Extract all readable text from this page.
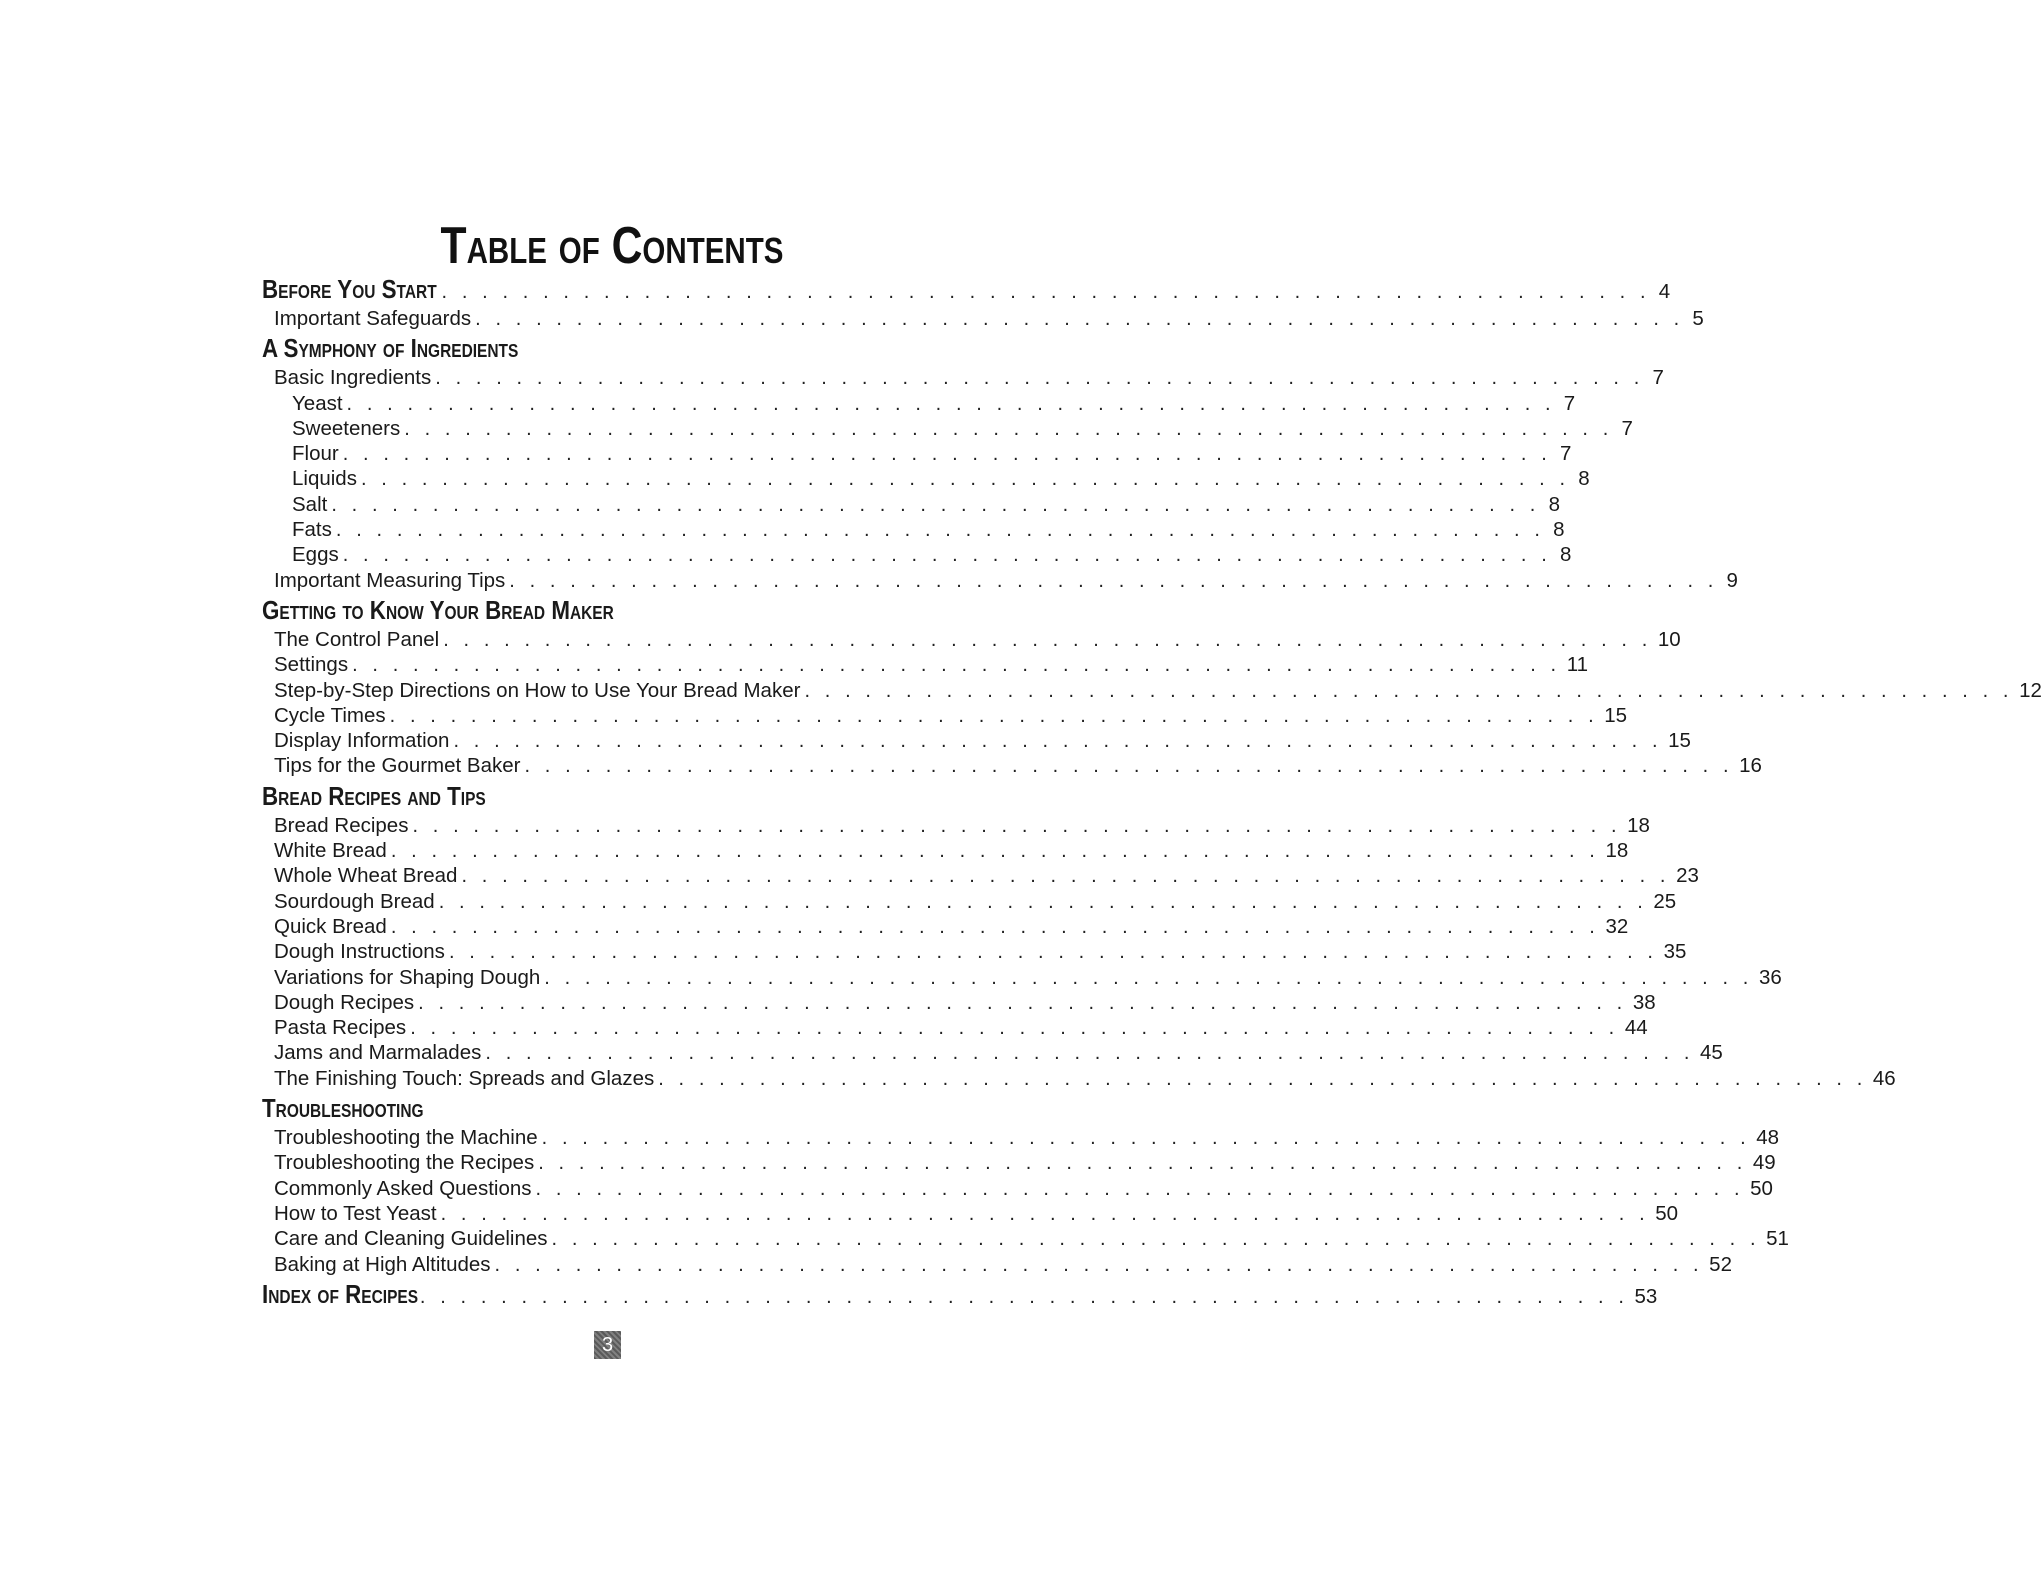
Table of Contents
Before You Start . . . . . . . . . . . . . . . . . . . . . . . . . . . . . . . . . . . . . . . . . . . . . . . . . . . . . . . . . . . . 4
Important Safeguards . . . . . . . . . . . . . . . . . . . . . . . . . . . . . . . . . . . . . . . . . . . . . . . . . . . . . . . . . . . . 5
A Symphony of Ingredients
Basic Ingredients . . . . . . . . . . . . . . . . . . . . . . . . . . . . . . . . . . . . . . . . . . . . . . . . . . . . . . . . . . . . 7
Yeast . . . . . . . . . . . . . . . . . . . . . . . . . . . . . . . . . . . . . . . . . . . . . . . . . . . . . . . . . . . . 7
Sweeteners . . . . . . . . . . . . . . . . . . . . . . . . . . . . . . . . . . . . . . . . . . . . . . . . . . . . . . . . . . . . 7
Flour . . . . . . . . . . . . . . . . . . . . . . . . . . . . . . . . . . . . . . . . . . . . . . . . . . . . . . . . . . . . 7
Liquids . . . . . . . . . . . . . . . . . . . . . . . . . . . . . . . . . . . . . . . . . . . . . . . . . . . . . . . . . . . . 8
Salt . . . . . . . . . . . . . . . . . . . . . . . . . . . . . . . . . . . . . . . . . . . . . . . . . . . . . . . . . . . . 8
Fats . . . . . . . . . . . . . . . . . . . . . . . . . . . . . . . . . . . . . . . . . . . . . . . . . . . . . . . . . . . . 8
Eggs . . . . . . . . . . . . . . . . . . . . . . . . . . . . . . . . . . . . . . . . . . . . . . . . . . . . . . . . . . . . 8
Important Measuring Tips . . . . . . . . . . . . . . . . . . . . . . . . . . . . . . . . . . . . . . . . . . . . . . . . . . . . . . . . . . . . 9
Getting to Know Your Bread Maker
The Control Panel . . . . . . . . . . . . . . . . . . . . . . . . . . . . . . . . . . . . . . . . . . . . . . . . . . . . . . . . . . . . 10
Settings . . . . . . . . . . . . . . . . . . . . . . . . . . . . . . . . . . . . . . . . . . . . . . . . . . . . . . . . . . . . 11
Step-by-Step Directions on How to Use Your Bread Maker . . . . . . . . . . . . . . . . . . . . . . . . . . . . . . . . . . . . . . . . . . . . . . . . . . . . . . . . . . . . 12
Cycle Times . . . . . . . . . . . . . . . . . . . . . . . . . . . . . . . . . . . . . . . . . . . . . . . . . . . . . . . . . . . . 15
Display Information . . . . . . . . . . . . . . . . . . . . . . . . . . . . . . . . . . . . . . . . . . . . . . . . . . . . . . . . . . . . 15
Tips for the Gourmet Baker . . . . . . . . . . . . . . . . . . . . . . . . . . . . . . . . . . . . . . . . . . . . . . . . . . . . . . . . . . . . 16
Bread Recipes and Tips
Bread Recipes . . . . . . . . . . . . . . . . . . . . . . . . . . . . . . . . . . . . . . . . . . . . . . . . . . . . . . . . . . . . 18
White Bread . . . . . . . . . . . . . . . . . . . . . . . . . . . . . . . . . . . . . . . . . . . . . . . . . . . . . . . . . . . . 18
Whole Wheat Bread . . . . . . . . . . . . . . . . . . . . . . . . . . . . . . . . . . . . . . . . . . . . . . . . . . . . . . . . . . . . 23
Sourdough Bread . . . . . . . . . . . . . . . . . . . . . . . . . . . . . . . . . . . . . . . . . . . . . . . . . . . . . . . . . . . . 25
Quick Bread . . . . . . . . . . . . . . . . . . . . . . . . . . . . . . . . . . . . . . . . . . . . . . . . . . . . . . . . . . . . 32
Dough Instructions . . . . . . . . . . . . . . . . . . . . . . . . . . . . . . . . . . . . . . . . . . . . . . . . . . . . . . . . . . . . 35
Variations for Shaping Dough . . . . . . . . . . . . . . . . . . . . . . . . . . . . . . . . . . . . . . . . . . . . . . . . . . . . . . . . . . . . 36
Dough Recipes . . . . . . . . . . . . . . . . . . . . . . . . . . . . . . . . . . . . . . . . . . . . . . . . . . . . . . . . . . . . 38
Pasta Recipes . . . . . . . . . . . . . . . . . . . . . . . . . . . . . . . . . . . . . . . . . . . . . . . . . . . . . . . . . . . . 44
Jams and Marmalades . . . . . . . . . . . . . . . . . . . . . . . . . . . . . . . . . . . . . . . . . . . . . . . . . . . . . . . . . . . . 45
The Finishing Touch: Spreads and Glazes . . . . . . . . . . . . . . . . . . . . . . . . . . . . . . . . . . . . . . . . . . . . . . . . . . . . . . . . . . . . 46
Troubleshooting
Troubleshooting the Machine . . . . . . . . . . . . . . . . . . . . . . . . . . . . . . . . . . . . . . . . . . . . . . . . . . . . . . . . . . . . 48
Troubleshooting the Recipes . . . . . . . . . . . . . . . . . . . . . . . . . . . . . . . . . . . . . . . . . . . . . . . . . . . . . . . . . . . . 49
Commonly Asked Questions . . . . . . . . . . . . . . . . . . . . . . . . . . . . . . . . . . . . . . . . . . . . . . . . . . . . . . . . . . . . 50
How to Test Yeast . . . . . . . . . . . . . . . . . . . . . . . . . . . . . . . . . . . . . . . . . . . . . . . . . . . . . . . . . . . . 50
Care and Cleaning Guidelines . . . . . . . . . . . . . . . . . . . . . . . . . . . . . . . . . . . . . . . . . . . . . . . . . . . . . . . . . . . . 51
Baking at High Altitudes . . . . . . . . . . . . . . . . . . . . . . . . . . . . . . . . . . . . . . . . . . . . . . . . . . . . . . . . . . . . 52
Index of Recipes . . . . . . . . . . . . . . . . . . . . . . . . . . . . . . . . . . . . . . . . . . . . . . . . . . . . . . . . . . . . 53
3
